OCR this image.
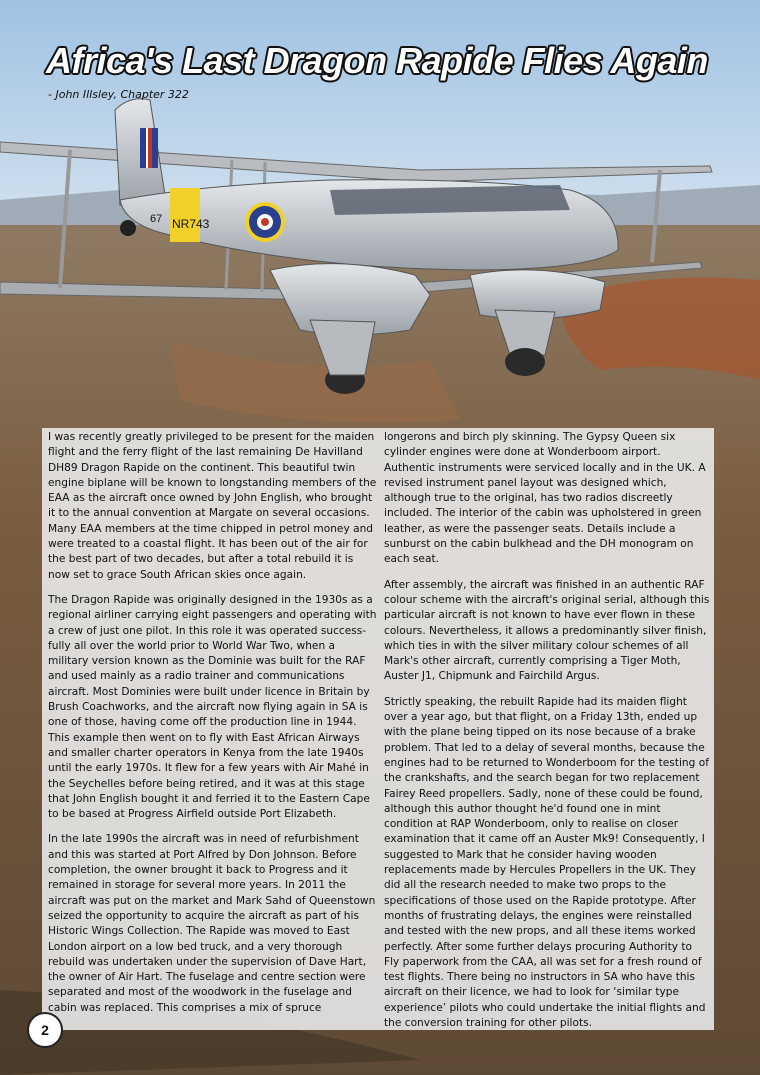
NR743
67
Africa's Last Dragon Rapide Flies Again
- John Illsley, Chapter 322

I was recently greatly privileged to be present for the maiden flight and the ferry flight of the last remaining De Havilland DH89 Dragon Rapide on the continent. This beautiful twin engine biplane will be known to longstanding members of the EAA as the aircraft once owned by John English, who brought it to the annual convention at Margate on several occasions. Many EAA members at the time chipped in petrol money and were treated to a coastal flight. It has been out of the air for the best part of two decades, but after a total rebuild it is now set to grace South African skies once again.

The Dragon Rapide was originally designed in the 1930s as a regional airliner carrying eight passengers and operating with a crew of just one pilot. In this role it was operated success-fully all over the world prior to World War Two, when a military version known as the Dominie was built for the RAF and used mainly as a radio trainer and communications aircraft. Most Dominies were built under licence in Britain by Brush Coachworks, and the aircraft now flying again in SA is one of those, having come off the production line in 1944. This example then went on to fly with East African Airways and smaller charter operators in Kenya from the late 1940s until the early 1970s. It flew for a few years with Air Mahé in the Seychelles before being retired, and it was at this stage that John English bought it and ferried it to the Eastern Cape to be based at Progress Airfield outside Port Elizabeth.

In the late 1990s the aircraft was in need of refurbishment and this was started at Port Alfred by Don Johnson. Before completion, the owner brought it back to Progress and it remained in storage for several more years. In 2011 the aircraft was put on the market and Mark Sahd of Queenstown seized the opportunity to acquire the aircraft as part of his Historic Wings Collection. The Rapide was moved to East London airport on a low bed truck, and a very thorough rebuild was undertaken under the supervision of Dave Hart, the owner of Air Hart. The fuselage and centre section were separated and most of the woodwork in the fuselage and cabin was replaced. This comprises a mix of spruce

longerons and birch ply skinning. The Gypsy Queen six cylinder engines were done at Wonderboom airport. Authentic instruments were serviced locally and in the UK. A revised instrument panel layout was designed which, although true to the original, has two radios discreetly included. The interior of the cabin was upholstered in green leather, as were the passenger seats. Details include a sunburst on the cabin bulkhead and the DH monogram on each seat.

After assembly, the aircraft was finished in an authentic RAF colour scheme with the aircraft's original serial, although this particular aircraft is not known to have ever flown in these colours. Nevertheless, it allows a predominantly silver finish, which ties in with the silver military colour schemes of all Mark's other aircraft, currently comprising a Tiger Moth, Auster J1, Chipmunk and Fairchild Argus.

Strictly speaking, the rebuilt Rapide had its maiden flight over a year ago, but that flight, on a Friday 13th, ended up with the plane being tipped on its nose because of a brake problem. That led to a delay of several months, because the engines had to be returned to Wonderboom for the testing of the crankshafts, and the search began for two replacement Fairey Reed propellers. Sadly, none of these could be found, although this author thought he'd found one in mint condition at RAP Wonderboom, only to realise on closer examination that it came off an Auster Mk9! Consequently, I suggested to Mark that he consider having wooden replacements made by Hercules Propellers in the UK. They did all the research needed to make two props to the specifications of those used on the Rapide prototype. After months of frustrating delays, the engines were reinstalled and tested with the new props, and all these items worked perfectly. After some further delays procuring Authority to Fly paperwork from the CAA, all was set for a fresh round of test flights. There being no instructors in SA who have this aircraft on their licence, we had to look for ‘similar type experience’ pilots who could undertake the initial flights and the conversion training for other pilots.

2
